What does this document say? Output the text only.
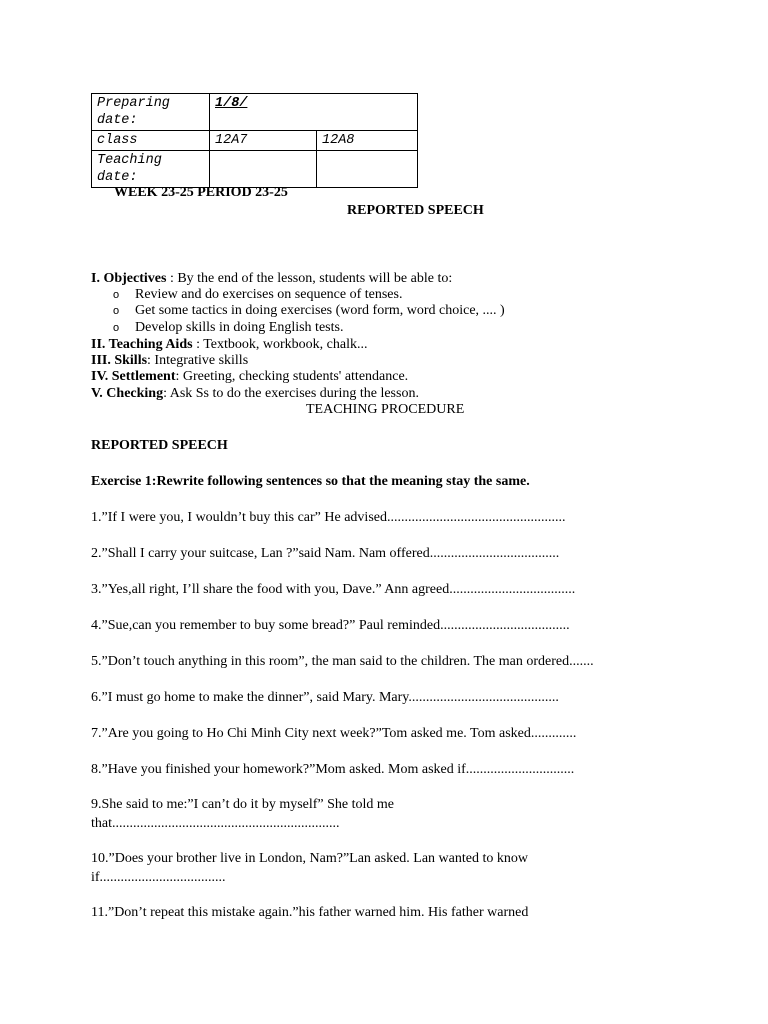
Preparing date:	1/8/	
class	12A7	12A8
Teaching date:		
WEEK 23-25 PERIOD 23-25
REPORTED SPEECH
I. Objectives : By the end of the lesson, students will be able to:
o Review and do exercises on sequence of tenses.
o Get some tactics in doing exercises (word form, word choice, .... )
o Develop skills in doing English tests.
II. Teaching Aids : Textbook, workbook, chalk...
III. Skills: Integrative skills
IV. Settlement: Greeting, checking students' attendance.
V. Checking: Ask Ss to do the exercises during the lesson.
TEACHING PROCEDURE
REPORTED SPEECH
Exercise 1:Rewrite following sentences so that the meaning stay the same.
1.”If I were you, I wouldn’t buy this car” He advised...................................................
2.”Shall I carry your suitcase, Lan ?”said Nam. Nam offered.....................................
3.”Yes,all right, I’ll share the food with you, Dave.” Ann agreed....................................
4.”Sue,can you remember to buy some bread?” Paul reminded.....................................
5.”Don’t touch anything in this room”, the man said to the children. The man ordered.......
6.”I must go home to make the dinner”, said Mary. Mary...........................................
7.”Are you going to Ho Chi Minh City next week?”Tom asked me. Tom asked.............
8.”Have you finished your homework?”Mom asked. Mom asked if...............................
9.She said to me:”I can’t do it by myself” She told me
that.................................................................
10.”Does your brother live in London, Nam?”Lan asked. Lan wanted to know
if....................................
11.”Don’t repeat this mistake again.”his father warned him. His father warned
